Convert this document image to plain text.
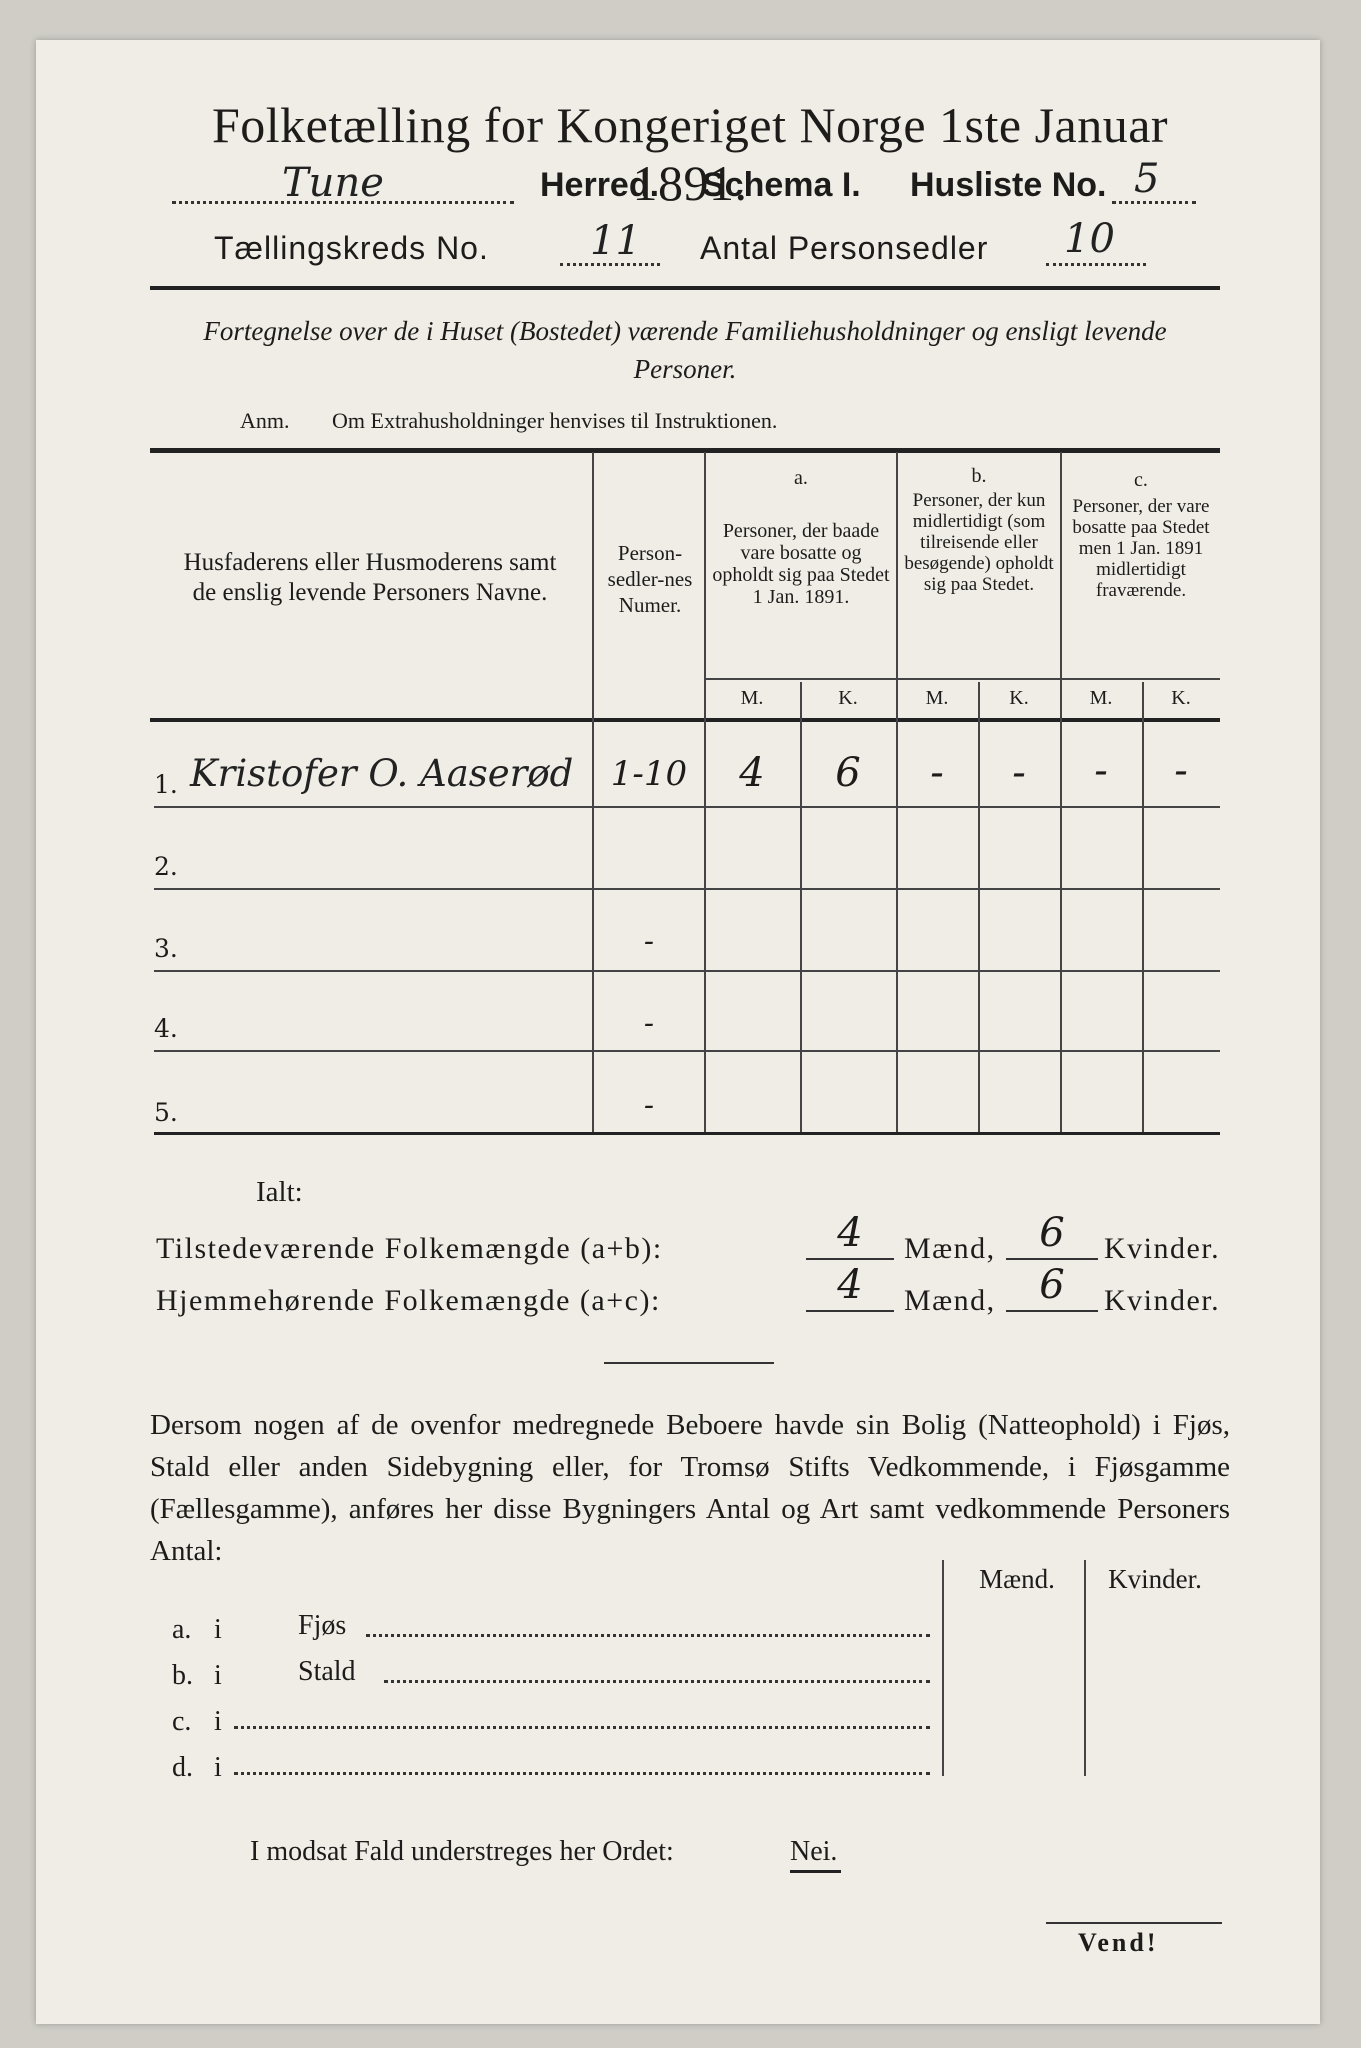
Folketælling for Kongeriget Norge 1ste Januar 1891.
Tune	Herred. Schema I. Husliste No. 5
Tællingskreds No.	11 Antal Personsedler 10
Fortegnelse over de i Huset (Bostedet) værende Familiehusholdninger og ensligt levende Personer.
Anm. Om Extrahusholdninger henvises til Instruktionen.
Husfaderens eller Husmoderens samt de enslig levende Personers Navne.
Person-sedler-nes Numer.
a.
Personer, der baade vare bosatte og opholdt sig paa Stedet 1 Jan. 1891.
b.
Personer, der kun midlertidigt (som tilreisende eller besøgende) opholdt sig paa Stedet.
c.
Personer, der vare bosatte paa Stedet men 1 Jan. 1891 midlertidigt fraværende.
M.	K.	M.	K.	M.	K.
1. Kristofer O. Aaserød	1-10	4	6	-	-	-	-
2.
3.	-
4.	-
5.	-
Ialt:
Tilstedeværende Folkemængde (a+b):	4	Mænd,	6	Kvinder.
Hjemmehørende Folkemængde (a+c):	4	Mænd,	6	Kvinder.
Dersom nogen af de ovenfor medregnede Beboere havde sin Bolig (Natteophold) i Fjøs, Stald eller anden Sidebygning eller, for Tromsø Stifts Vedkommende, i Fjøsgamme (Fællesgamme), anføres her disse Bygningers Antal og Art samt vedkommende Personers Antal:
Mænd.	Kvinder.
a. i	Fjøs
b. i	Stald
c. i
d. i
I modsat Fald understreges her Ordet:	Nei.
Vend!
